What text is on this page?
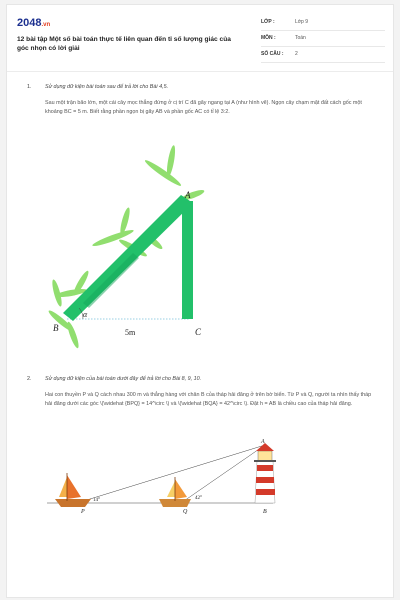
2048.vn
12 bài tập Một số bài toán thực tế liên quan đến tỉ số lượng giác của góc nhọn có lời giải
LỚP :	Lớp 9
MÔN :	Toán
SỐ CÂU : 2
1.	Sử dụng dữ kiện bài toán sau để trả lời cho Bài 4,5.
Sau một trận bão lớn, một cái cây mọc thẳng đứng ở cị trí C đã gãy ngang tại A (như hình vẽ). Ngọn cây chạm mặt đất cách gốc một khoảng BC = 5 m. Biết rằng phần ngọn bị gãy AB và phần gốc AC có tỉ lệ 3:2.
A
B	C
α
5m
2.	Sử dụng dữ kiện của bài toán dưới đây để trả lời cho Bài 8, 9, 10.
Hai con thuyền P và Q cách nhau 300 m và thẳng hàng với chân B của tháp hải đăng ở trên bờ biển. Từ P và Q, người ta nhìn thấy tháp hải đăng dưới các góc \(\widehat {BPQ} = 14^\circ \) và \(\widehat {BQA} = 42^\circ \). Đặt h = AB là chiều cao của tháp hải đăng.
A
B
P	Q
14°	42°
